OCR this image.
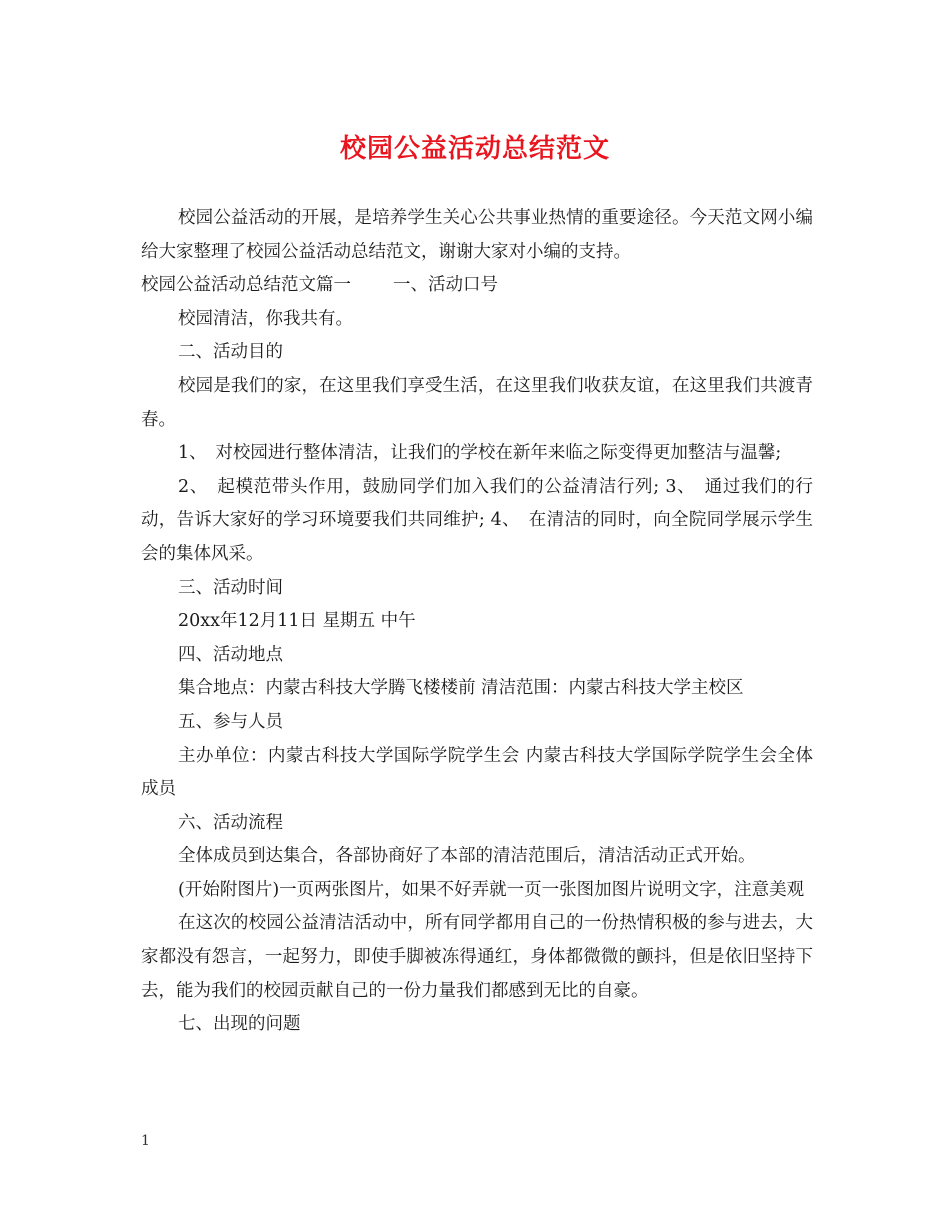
校园公益活动总结范文

校园公益活动的开展，是培养学生关心公共事业热情的重要途径。今天范文网小编给大家整理了校园公益活动总结范文，谢谢大家对小编的支持。

校园公益活动总结范文篇一 一、活动口号

校园清洁，你我共有。

二、活动目的

校园是我们的家，在这里我们享受生活，在这里我们收获友谊，在这里我们共渡青春。

1、　对校园进行整体清洁，让我们的学校在新年来临之际变得更加整洁与温馨;

2、　起模范带头作用，鼓励同学们加入我们的公益清洁行列; 3、　通过我们的行动，告诉大家好的学习环境要我们共同维护; 4、　在清洁的同时，向全院同学展示学生会的集体风采。

三、活动时间

20xx年12月11日 星期五 中午

四、活动地点

集合地点：内蒙古科技大学腾飞楼楼前 清洁范围：内蒙古科技大学主校区

五、参与人员

主办单位：内蒙古科技大学国际学院学生会 内蒙古科技大学国际学院学生会全体成员

六、活动流程

全体成员到达集合，各部协商好了本部的清洁范围后，清洁活动正式开始。

(开始附图片)一页两张图片，如果不好弄就一页一张图加图片说明文字，注意美观

在这次的校园公益清洁活动中，所有同学都用自己的一份热情积极的参与进去，大家都没有怨言，一起努力，即使手脚被冻得通红，身体都微微的颤抖，但是依旧坚持下去，能为我们的校园贡献自己的一份力量我们都感到无比的自豪。

七、出现的问题

1
